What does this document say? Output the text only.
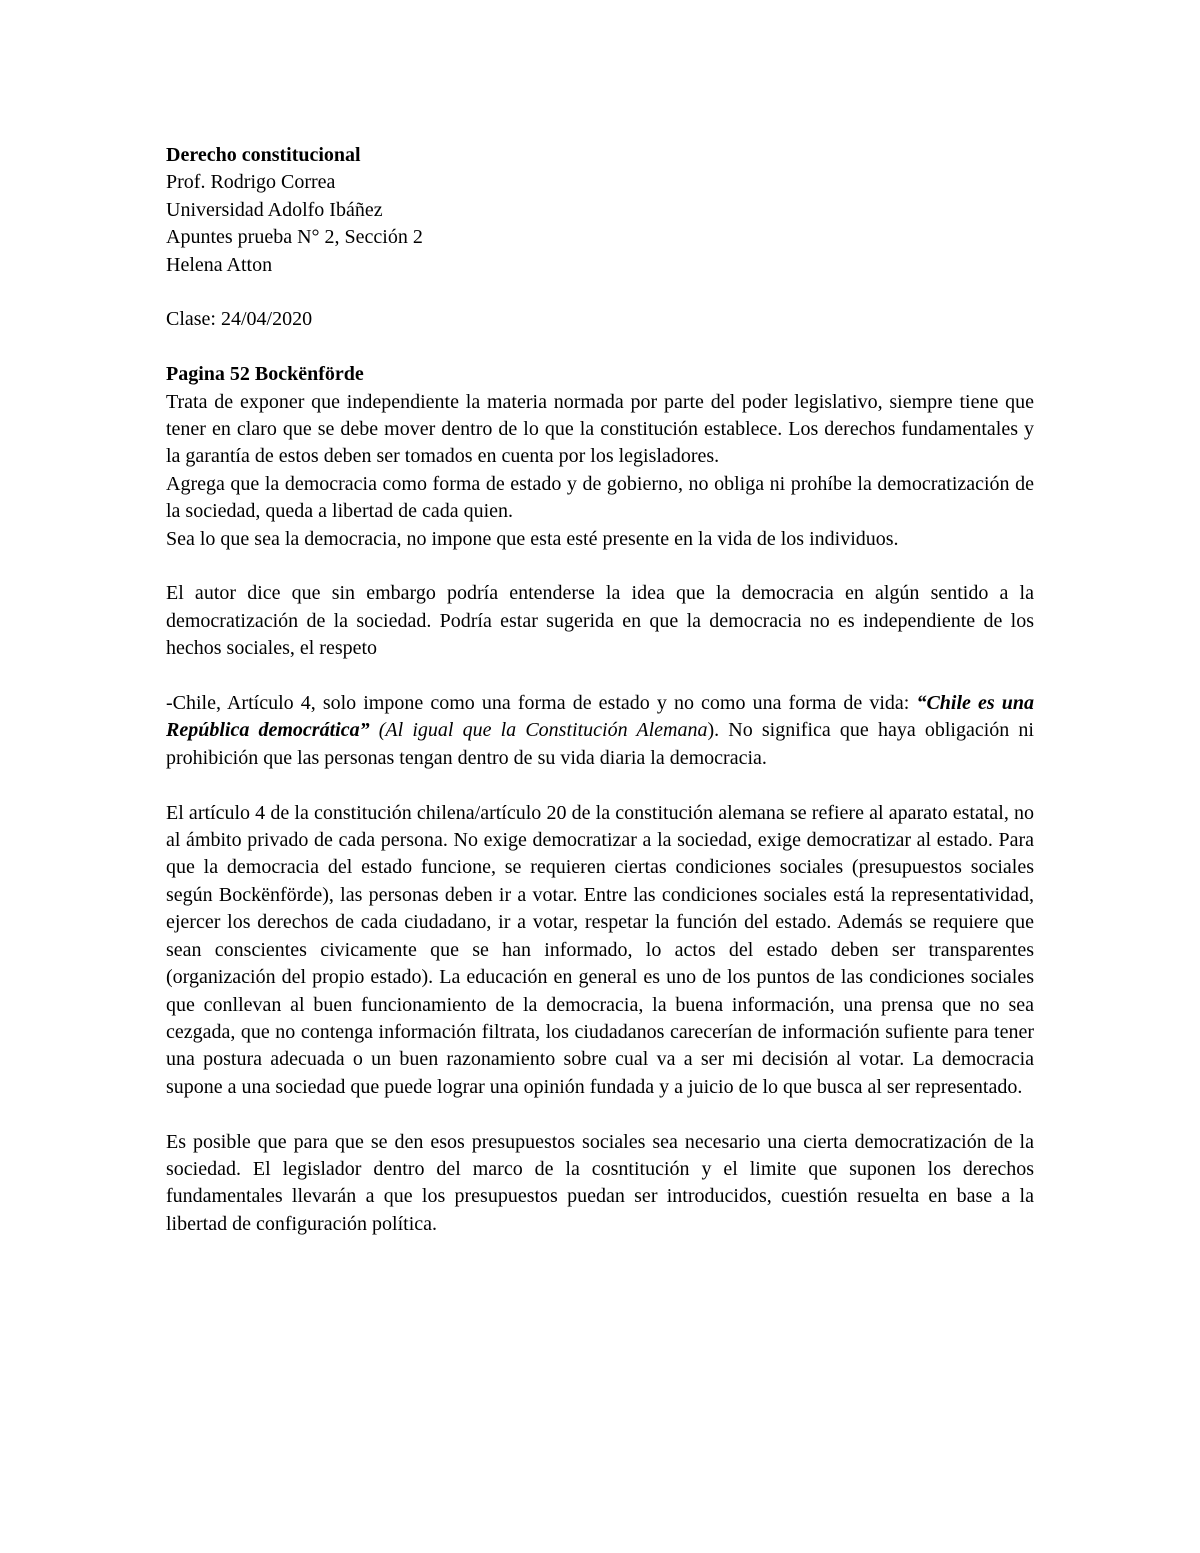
Derecho constitucional
Prof. Rodrigo Correa
Universidad Adolfo Ibáñez
Apuntes prueba N° 2, Sección 2
Helena Atton
Clase: 24/04/2020
Pagina 52 Bockënförde

Trata de exponer que independiente la materia normada por parte del poder legislativo, siempre tiene que tener en claro que se debe mover dentro de lo que la constitución establece. Los derechos fundamentales y la garantía de estos deben ser tomados en cuenta por los legisladores.

Agrega que la democracia como forma de estado y de gobierno, no obliga ni prohíbe la democratización de la sociedad, queda a libertad de cada quien.

Sea lo que sea la democracia, no impone que esta esté presente en la vida de los individuos.

El autor dice que sin embargo podría entenderse la idea que la democracia en algún sentido a la democratización de la sociedad. Podría estar sugerida en que la democracia no es independiente de los hechos sociales, el respeto

-Chile, Artículo 4, solo impone como una forma de estado y no como una forma de vida: “Chile es una República democrática” (Al igual que la Constitución Alemana). No significa que haya obligación ni prohibición que las personas tengan dentro de su vida diaria la democracia.

El artículo 4 de la constitución chilena/artículo 20 de la constitución alemana se refiere al aparato estatal, no al ámbito privado de cada persona. No exige democratizar a la sociedad, exige democratizar al estado. Para que la democracia del estado funcione, se requieren ciertas condiciones sociales (presupuestos sociales según Bockënförde), las personas deben ir a votar. Entre las condiciones sociales está la representatividad, ejercer los derechos de cada ciudadano, ir a votar, respetar la función del estado. Además se requiere que sean conscientes civicamente que se han informado, lo actos del estado deben ser transparentes (organización del propio estado). La educación en general es uno de los puntos de las condiciones sociales que conllevan al buen funcionamiento de la democracia, la buena información, una prensa que no sea cezgada, que no contenga información filtrata, los ciudadanos carecerían de información sufiente para tener una postura adecuada o un buen razonamiento sobre cual va a ser mi decisión al votar. La democracia supone a una sociedad que puede lograr una opinión fundada y a juicio de lo que busca al ser representado.

Es posible que para que se den esos presupuestos sociales sea necesario una cierta democratización de la sociedad. El legislador dentro del marco de la cosntitución y el limite que suponen los derechos fundamentales llevarán a que los presupuestos puedan ser introducidos, cuestión resuelta en base a la libertad de configuración política.
